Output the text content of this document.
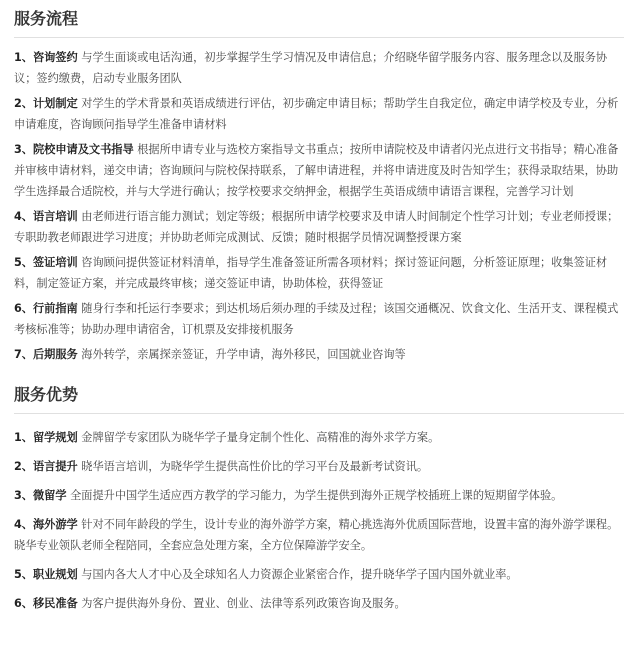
服务流程
1、咨询签约 与学生面谈或电话沟通，初步掌握学生学习情况及申请信息；介绍晓华留学服务内容、服务理念以及服务协议；签约缴费，启动专业服务团队
2、计划制定 对学生的学术背景和英语成绩进行评估，初步确定申请目标；帮助学生自我定位，确定申请学校及专业，分析申请难度，咨询顾问指导学生准备申请材料
3、院校申请及文书指导 根据所申请专业与选校方案指导文书重点；按所申请院校及申请者闪光点进行文书指导；精心准备并审核申请材料，递交申请；咨询顾问与院校保持联系，了解申请进程，并将申请进度及时告知学生；获得录取结果，协助学生选择最合适院校，并与大学进行确认；按学校要求交纳押金，根据学生英语成绩申请语言课程，完善学习计划
4、语言培训 由老师进行语言能力测试；划定等级；根据所申请学校要求及申请人时间制定个性学习计划；专业老师授课；专职助教老师跟进学习进度；并协助老师完成测试、反馈；随时根据学员情况调整授课方案
5、签证培训 咨询顾问提供签证材料清单，指导学生准备签证所需各项材料；探讨签证问题，分析签证原理；收集签证材料，制定签证方案，并完成最终审核；递交签证申请，协助体检，获得签证
6、行前指南 随身行李和托运行李要求；到达机场后须办理的手续及过程；该国交通概况、饮食文化、生活开支、课程模式考核标准等；协助办理申请宿舍，订机票及安排接机服务
7、后期服务 海外转学，亲属探亲签证，升学申请，海外移民，回国就业咨询等
服务优势
1、留学规划 金牌留学专家团队为晓华学子量身定制个性化、高精准的海外求学方案。
2、语言提升 晓华语言培训，为晓华学生提供高性价比的学习平台及最新考试资讯。
3、微留学 全面提升中国学生适应西方教学的学习能力，为学生提供到海外正规学校插班上课的短期留学体验。
4、海外游学 针对不同年龄段的学生，设计专业的海外游学方案，精心挑选海外优质国际营地，设置丰富的海外游学课程。晓华专业领队老师全程陪同，全套应急处理方案，全方位保障游学安全。
5、职业规划 与国内各大人才中心及全球知名人力资源企业紧密合作，提升晓华学子国内国外就业率。
6、移民准备 为客户提供海外身份、置业、创业、法律等系列政策咨询及服务。
